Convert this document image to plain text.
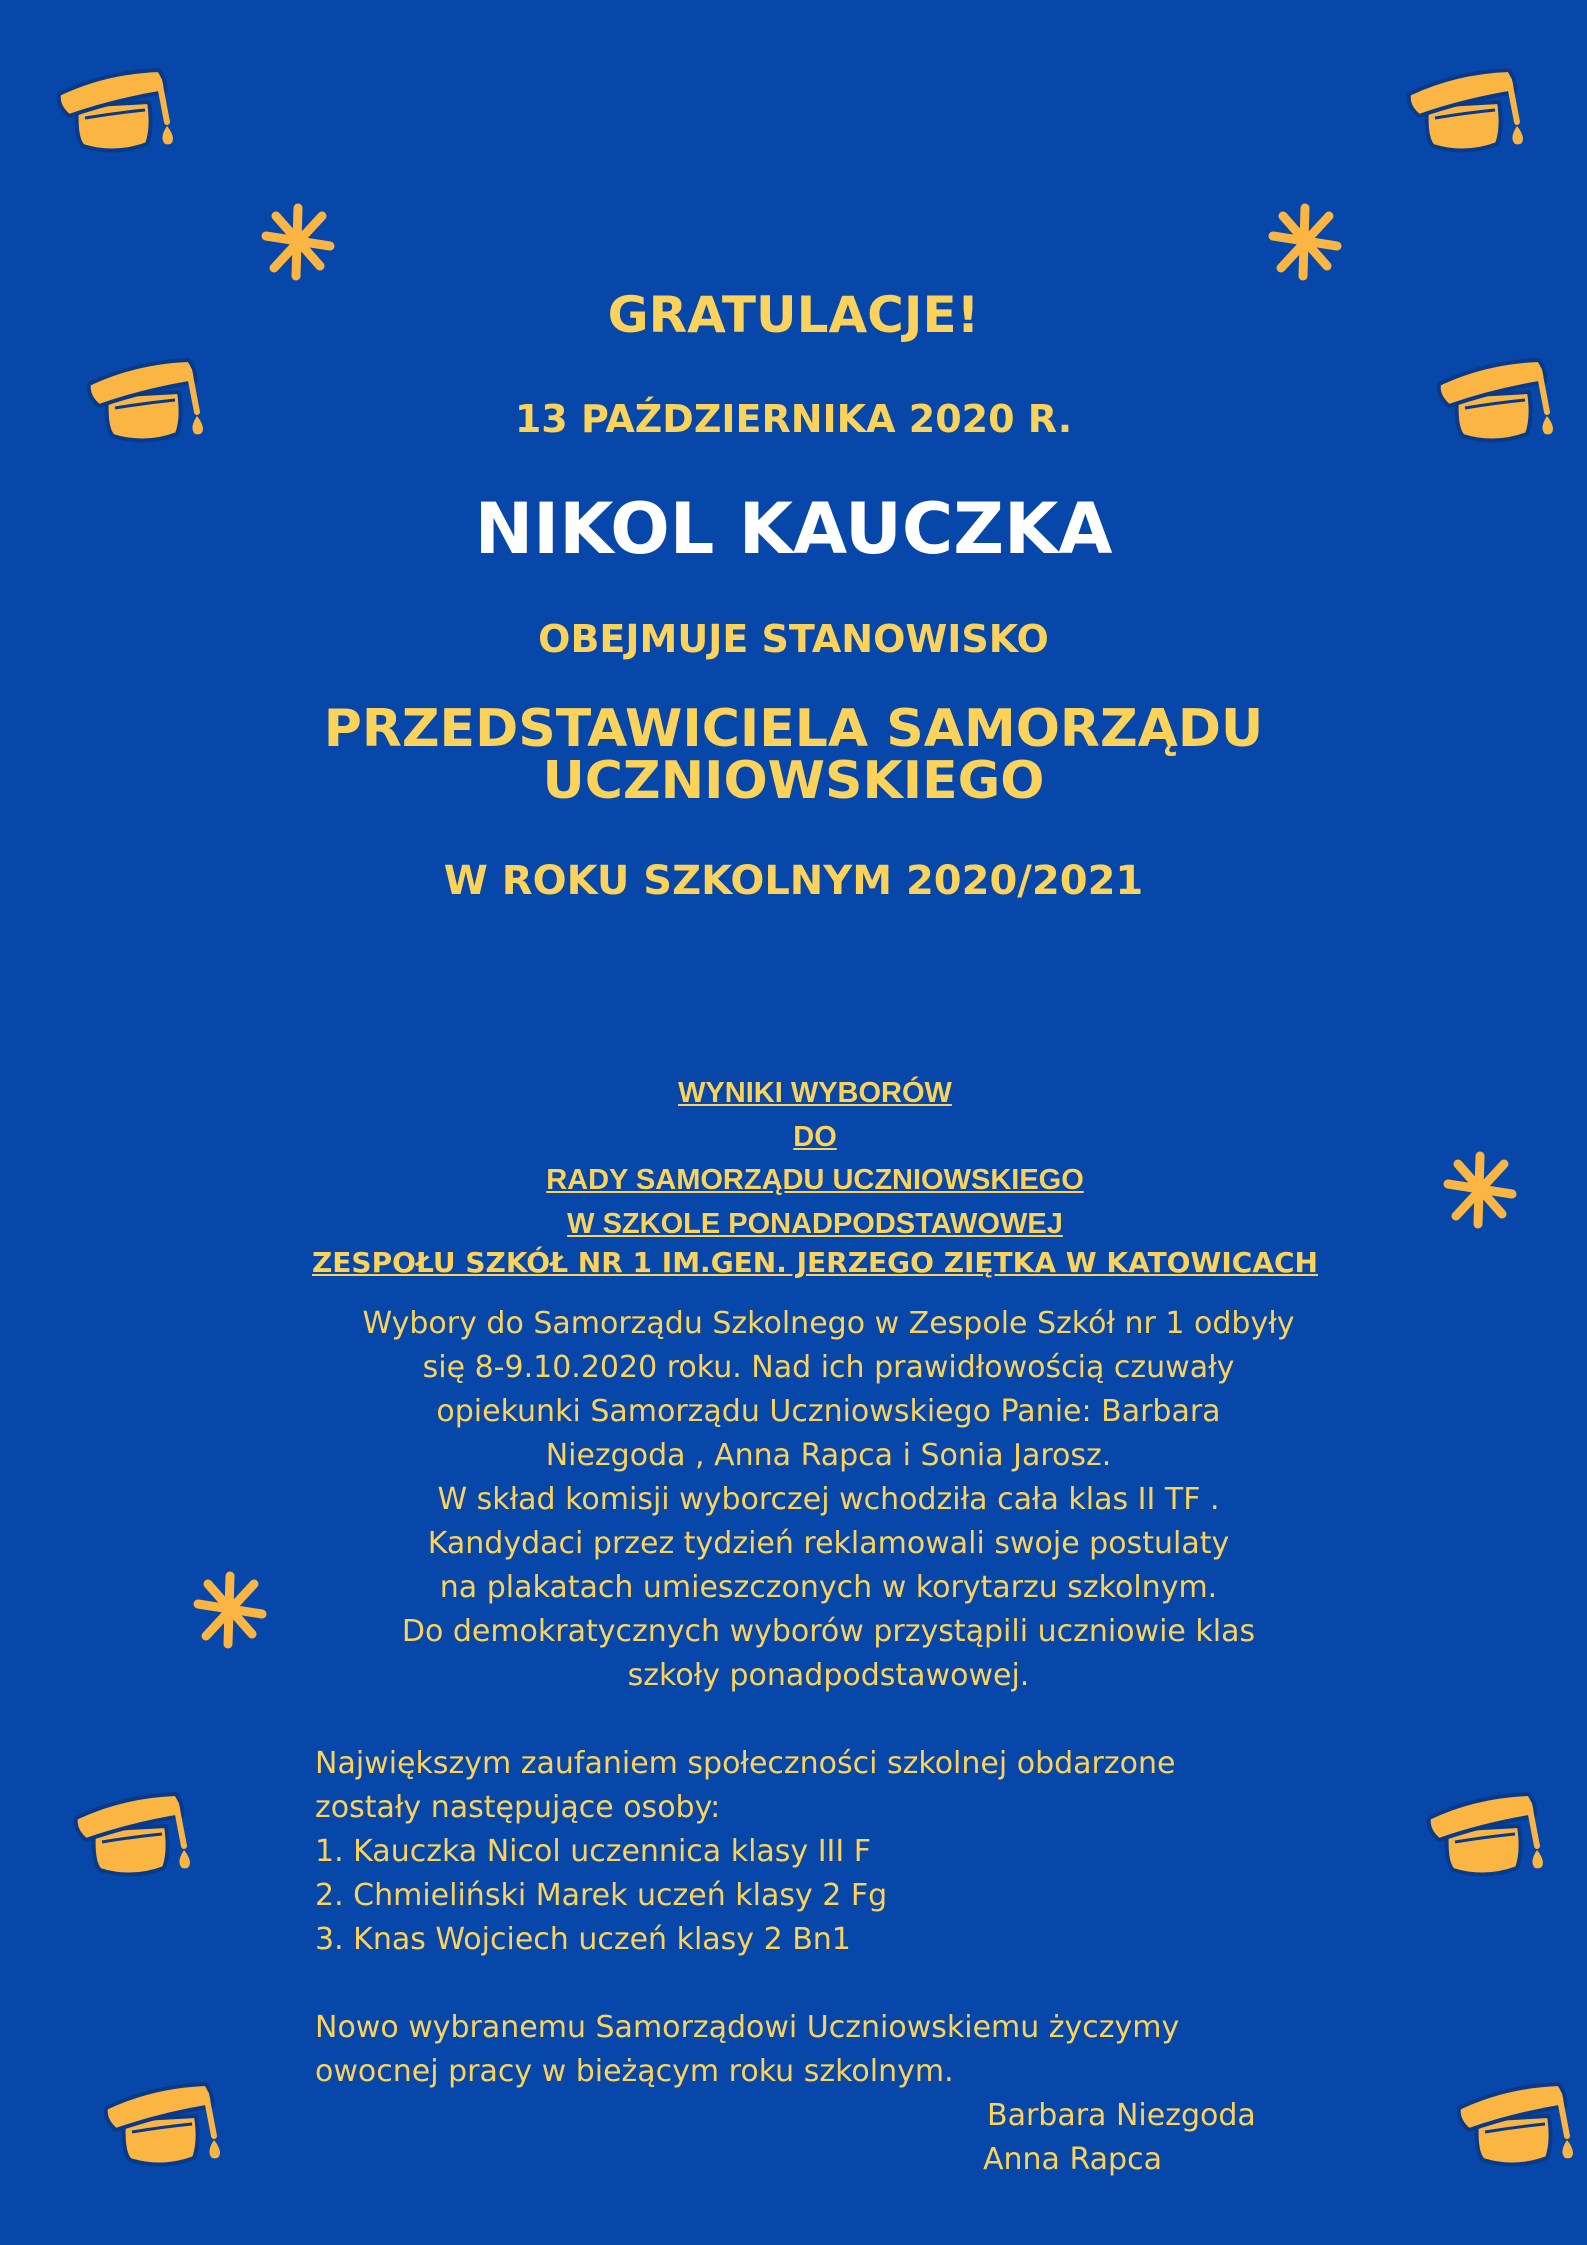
GRATULACJE!
13 PAŹDZIERNIKA 2020 R.
NIKOL KAUCZKA
OBEJMUJE STANOWISKO
PRZEDSTAWICIELA SAMORZĄDU
UCZNIOWSKIEGO
W ROKU SZKOLNYM 2020/2021
WYNIKI WYBORÓW
DO
RADY SAMORZĄDU UCZNIOWSKIEGO
W SZKOLE PONADPODSTAWOWEJ
ZESPOŁU SZKÓŁ NR 1 IM.GEN. JERZEGO ZIĘTKA W KATOWICACH
Wybory do Samorządu Szkolnego w Zespole Szkół nr 1 odbyły
się 8-9.10.2020 roku. Nad ich prawidłowością czuwały
opiekunki Samorządu Uczniowskiego Panie: Barbara
Niezgoda , Anna Rapca i Sonia Jarosz.
W skład komisji wyborczej wchodziła cała klas II TF .
Kandydaci przez tydzień reklamowali swoje postulaty
na plakatach umieszczonych w korytarzu szkolnym.
Do demokratycznych wyborów przystąpili uczniowie klas
szkoły ponadpodstawowej.
Największym zaufaniem społeczności szkolnej obdarzone
zostały następujące osoby:
1. Kauczka Nicol uczennica klasy III F
2. Chmieliński Marek uczeń klasy 2 Fg
3. Knas Wojciech uczeń klasy 2 Bn1
Nowo wybranemu Samorządowi Uczniowskiemu życzymy
owocnej pracy w bieżącym roku szkolnym.
Barbara Niezgoda
Anna Rapca
